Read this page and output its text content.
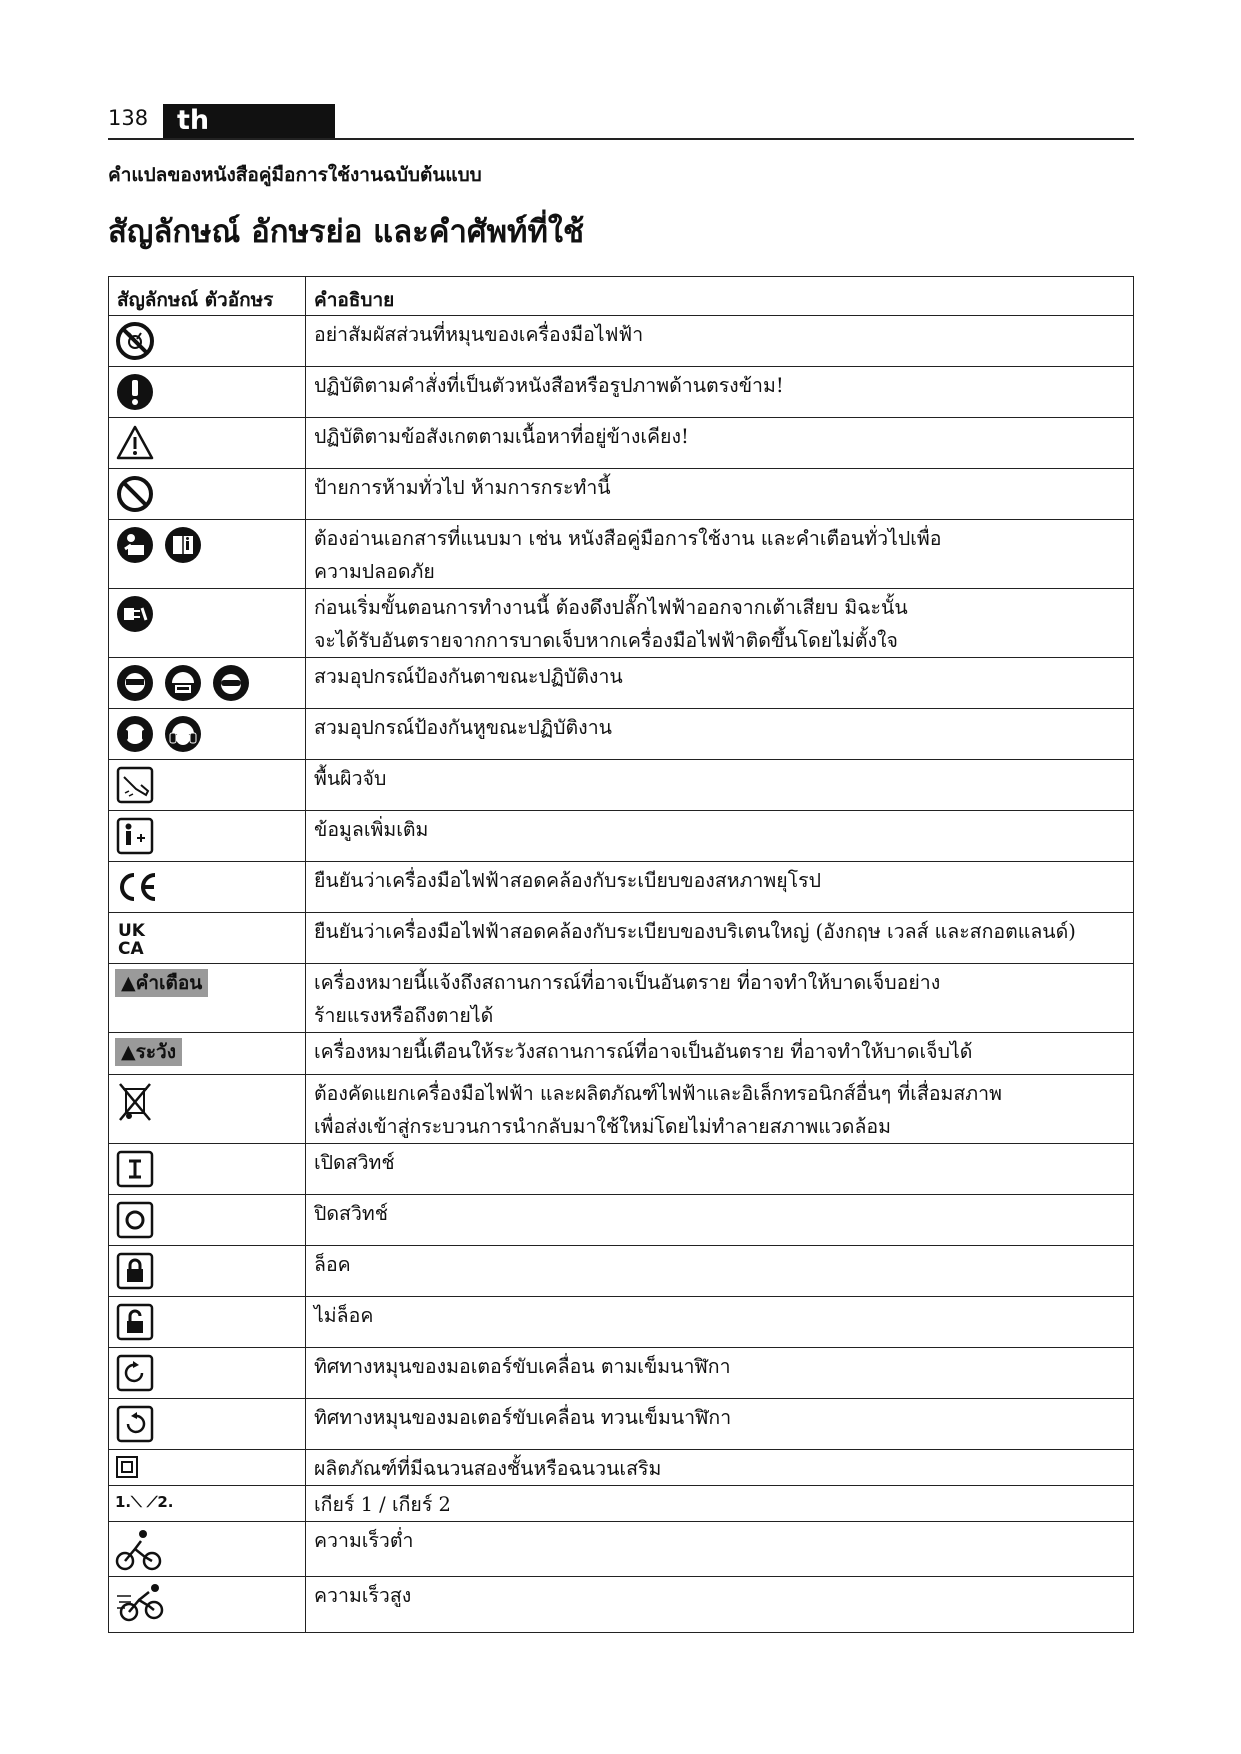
138	th
คำแปลของหนังสือคู่มือการใช้งานฉบับต้นแบบ
สัญลักษณ์ อักษรย่อ และคำศัพท์ที่ใช้
สัญลักษณ์ ตัวอักษร	คำอธิบาย

อย่าสัมผัสส่วนที่หมุนของเครื่องมือไฟฟ้า

ปฏิบัติตามคำสั่งที่เป็นตัวหนังสือหรือรูปภาพด้านตรงข้าม!

ปฏิบัติตามข้อสังเกตตามเนื้อหาที่อยู่ข้างเคียง!

ป้ายการห้ามทั่วไป ห้ามการกระทำนี้

ต้องอ่านเอกสารที่แนบมา เช่น หนังสือคู่มือการใช้งาน และคำเตือนทั่วไปเพื่อ
ความปลอดภัย

ก่อนเริ่มขั้นตอนการทำงานนี้ ต้องดึงปลั๊กไฟฟ้าออกจากเต้าเสียบ มิฉะนั้น
จะได้รับอันตรายจากการบาดเจ็บหากเครื่องมือไฟฟ้าติดขึ้นโดยไม่ตั้งใจ

สวมอุปกรณ์ป้องกันตาขณะปฏิบัติงาน

สวมอุปกรณ์ป้องกันหูขณะปฏิบัติงาน

พื้นผิวจับ

ข้อมูลเพิ่มเติม

ยืนยันว่าเครื่องมือไฟฟ้าสอดคล้องกับระเบียบของสหภาพยุโรป

UK
CA	ยืนยันว่าเครื่องมือไฟฟ้าสอดคล้องกับระเบียบของบริเตนใหญ่ (อังกฤษ เวลส์ และสกอตแลนด์)

▲คำเตือน	เครื่องหมายนี้แจ้งถึงสถานการณ์ที่อาจเป็นอันตราย ที่อาจทำให้บาดเจ็บอย่าง
ร้ายแรงหรือถึงตายได้

▲ระวัง	เครื่องหมายนี้เตือนให้ระวังสถานการณ์ที่อาจเป็นอันตราย ที่อาจทำให้บาดเจ็บได้

ต้องคัดแยกเครื่องมือไฟฟ้า และผลิตภัณฑ์ไฟฟ้าและอิเล็กทรอนิกส์อื่นๆ ที่เสื่อมสภาพ
เพื่อส่งเข้าสู่กระบวนการนำกลับมาใช้ใหม่โดยไม่ทำลายสภาพแวดล้อม

เปิดสวิทช์

ปิดสวิทช์

ล็อค

ไม่ล็อค

ทิศทางหมุนของมอเตอร์ขับเคลื่อน ตามเข็มนาฬิกา

ทิศทางหมุนของมอเตอร์ขับเคลื่อน ทวนเข็มนาฬิกา

ผลิตภัณฑ์ที่มีฉนวนสองชั้นหรือฉนวนเสริม

1.⟍ ⟋2.	เกียร์ 1 / เกียร์ 2

ความเร็วต่ำ

ความเร็วสูง
